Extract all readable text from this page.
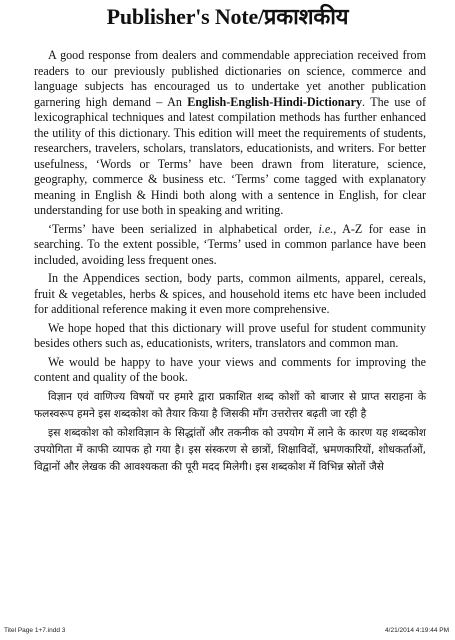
Publisher's Note/प्रकाशकीय

A good response from dealers and commendable appreciation received from readers to our previously published dictionaries on science, commerce and language subjects has encouraged us to undertake yet another publication garnering high demand – An English-English-Hindi-Dictionary. The use of lexicographical techniques and latest compilation methods has further enhanced the utility of this dictionary. This edition will meet the requirements of students, researchers, travelers, scholars, translators, educationists, and writers. For better usefulness, ‘Words or Terms’ have been drawn from literature, science, geography, commerce & business etc. ‘Terms’ come tagged with explanatory meaning in English & Hindi both along with a sentence in English, for clear understanding for use both in speaking and writing.

‘Terms’ have been serialized in alphabetical order, i.e., A-Z for ease in searching. To the extent possible, ‘Terms’ used in common parlance have been included, avoiding less frequent ones.

In the Appendices section, body parts, common ailments, apparel, cereals, fruit & vegetables, herbs & spices, and household items etc have been included for additional reference making it even more comprehensive.

We hope hoped that this dictionary will prove useful for student community besides others such as, educationists, writers, translators and common man.

We would be happy to have your views and comments for improving the content and quality of the book.

विज्ञान एवं वाणिज्य विषयों पर हमारे द्वारा प्रकाशित शब्द कोशों को बाजार से प्राप्त सराहना के फलस्वरूप हमने इस शब्दकोश को तैयार किया है जिसकी माँग उत्तरोत्तर बढ़ती जा रही है

इस शब्दकोश को कोशविज्ञान के सिद्धांतों और तकनीक को उपयोग में लाने के कारण यह शब्दकोश उपयोगिता में काफी व्यापक हो गया है। इस संस्करण से छात्रों, शिक्षाविदों, भ्रमणकारियों, शोधकर्ताओं, विद्वानों और लेखक की आवश्यकता की पूरी मदद मिलेगी। इस शब्दकोश में विभिन्न स्रोतों जैसे

Titel Page 1+7.indd 3	4/21/2014 4:19:44 PM
